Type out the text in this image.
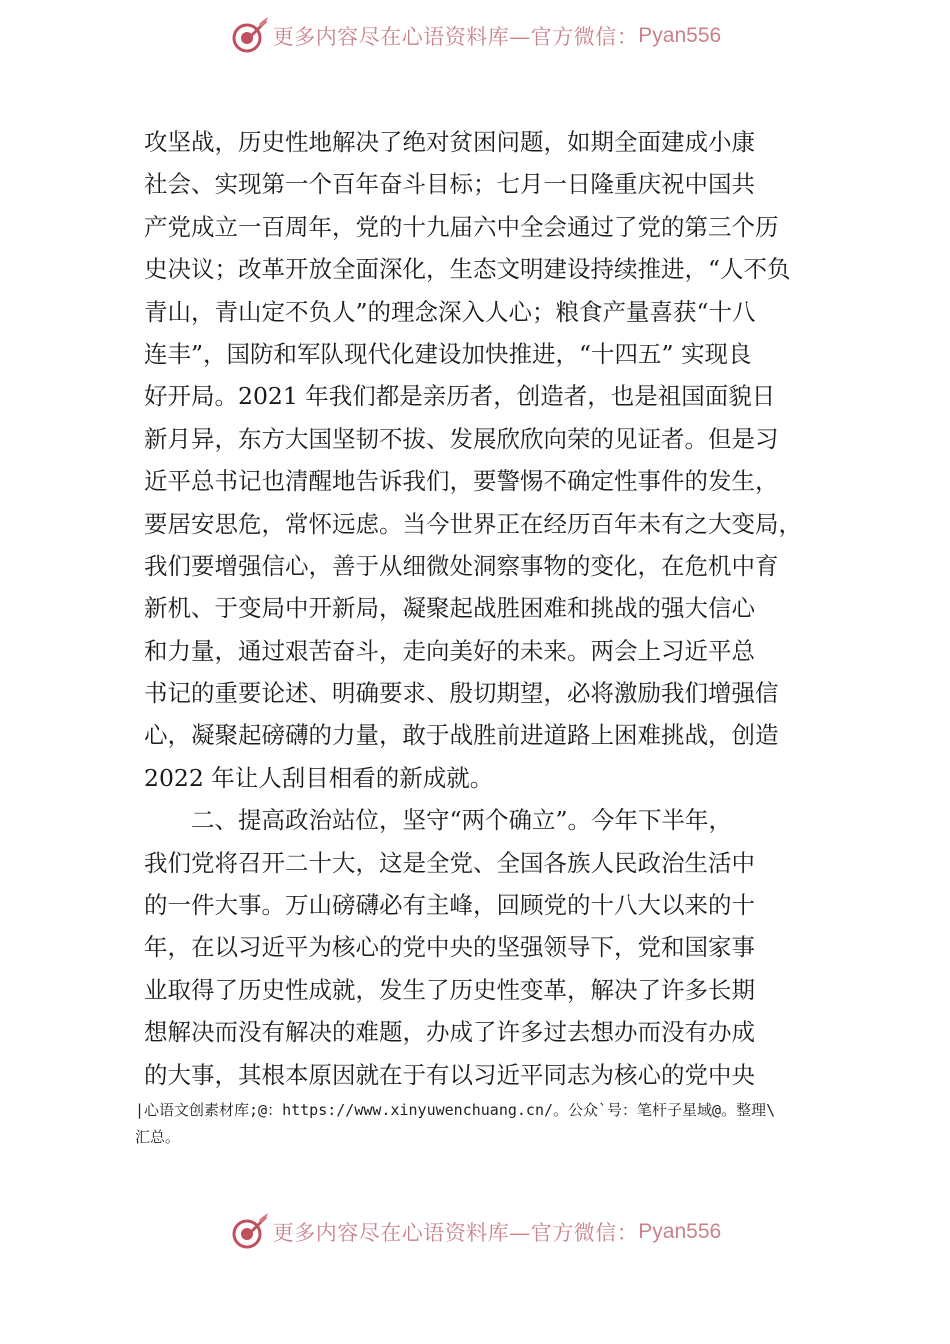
更多内容尽在心语资料库—官方微信： Pyan556
攻坚战，历史性地解决了绝对贫困问题，如期全面建成小康
社会、实现第一个百年奋斗目标；七月一日隆重庆祝中国共
产党成立一百周年，党的十九届六中全会通过了党的第三个历
史决议；改革开放全面深化，生态文明建设持续推进，“人不负
青山，青山定不负人”的理念深入人心；粮食产量喜获“十八
连丰”，国防和军队现代化建设加快推进，“十四五” 实现良
好开局。2021 年我们都是亲历者，创造者，也是祖国面貌日
新月异，东方大国坚韧不拔、发展欣欣向荣的见证者。但是习
近平总书记也清醒地告诉我们，要警惕不确定性事件的发生，
要居安思危，常怀远虑。当今世界正在经历百年未有之大变局，
我们要增强信心，善于从细微处洞察事物的变化，在危机中育
新机、于变局中开新局，凝聚起战胜困难和挑战的强大信心
和力量，通过艰苦奋斗，走向美好的未来。两会上习近平总
书记的重要论述、明确要求、殷切期望，必将激励我们增强信
心，凝聚起磅礴的力量，敢于战胜前进道路上困难挑战，创造
2022 年让人刮目相看的新成就。
二、提高政治站位，坚守“两个确立”。今年下半年，
我们党将召开二十大，这是全党、全国各族人民政治生活中
的一件大事。万山磅礴必有主峰，回顾党的十八大以来的十
年，在以习近平为核心的党中央的坚强领导下，党和国家事
业取得了历史性成就，发生了历史性变革，解决了许多长期
想解决而没有解决的难题，办成了许多过去想办而没有办成
的大事，其根本原因就在于有以习近平同志为核心的党中央
|心语文创素材库;@：https://www.xinyuwenchuang.cn/。公众`号：笔杆子星域@。整理\
汇总。
更多内容尽在心语资料库—官方微信： Pyan556
